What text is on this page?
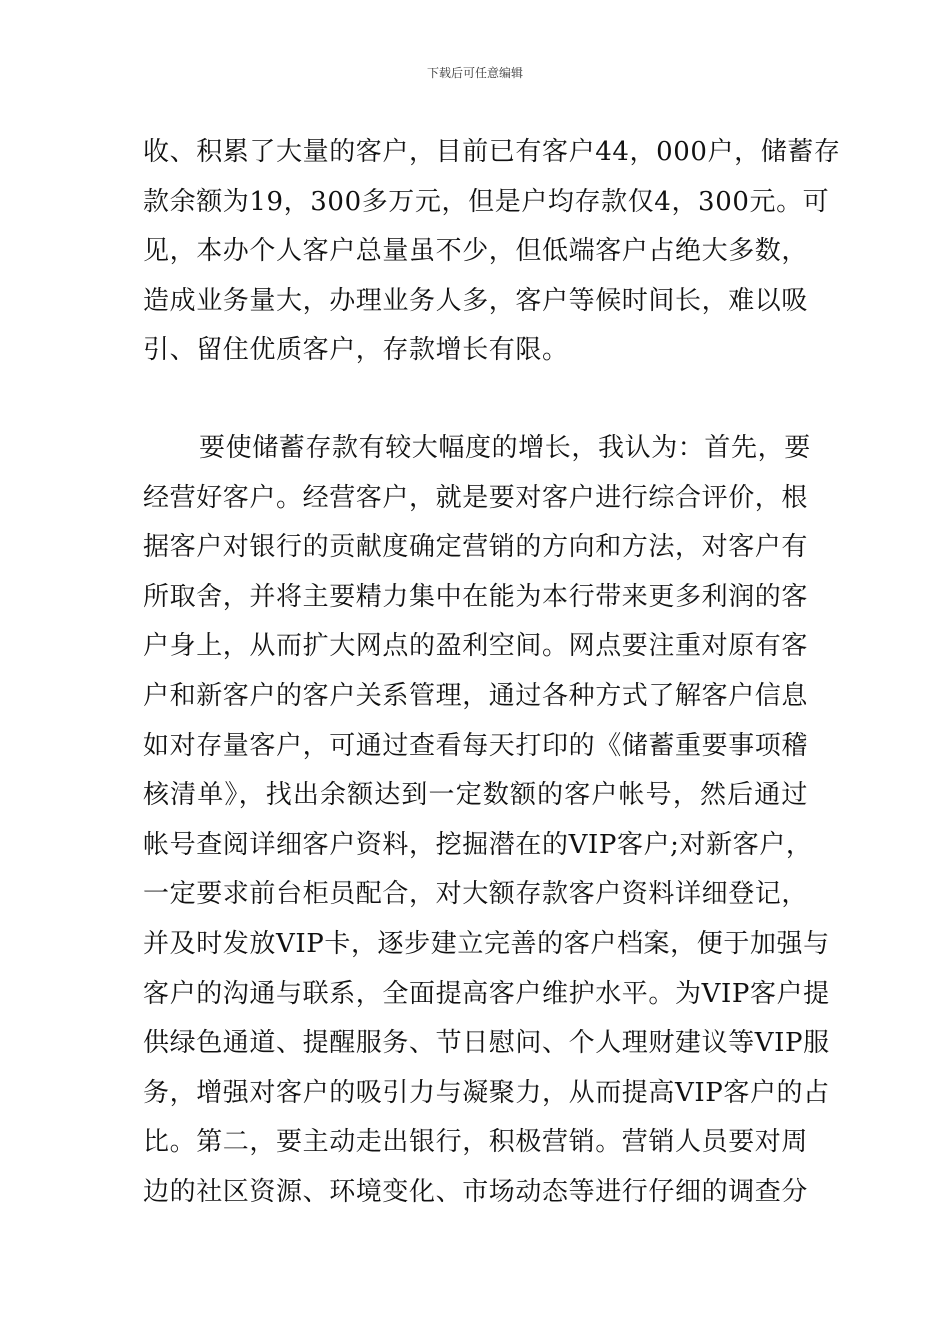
下载后可任意编辑
收、积累了大量的客户，目前已有客户44，000户，储蓄存
款余额为19，300多万元，但是户均存款仅4，300元。可
见，本办个人客户总量虽不少，但低端客户占绝大多数，
造成业务量大，办理业务人多，客户等候时间长，难以吸
引、留住优质客户，存款增长有限。
要使储蓄存款有较大幅度的增长，我认为：首先，要
经营好客户。经营客户，就是要对客户进行综合评价，根
据客户对银行的贡献度确定营销的方向和方法，对客户有
所取舍，并将主要精力集中在能为本行带来更多利润的客
户身上，从而扩大网点的盈利空间。网点要注重对原有客
户和新客户的客户关系管理，通过各种方式了解客户信息
如对存量客户，可通过查看每天打印的《储蓄重要事项稽
核清单》，找出余额达到一定数额的客户帐号，然后通过
帐号查阅详细客户资料，挖掘潜在的VIP客户;对新客户，
一定要求前台柜员配合，对大额存款客户资料详细登记，
并及时发放VIP卡，逐步建立完善的客户档案，便于加强与
客户的沟通与联系，全面提高客户维护水平。为VIP客户提
供绿色通道、提醒服务、节日慰问、个人理财建议等VIP服
务，增强对客户的吸引力与凝聚力，从而提高VIP客户的占
比。第二，要主动走出银行，积极营销。营销人员要对周
边的社区资源、环境变化、市场动态等进行仔细的调查分
